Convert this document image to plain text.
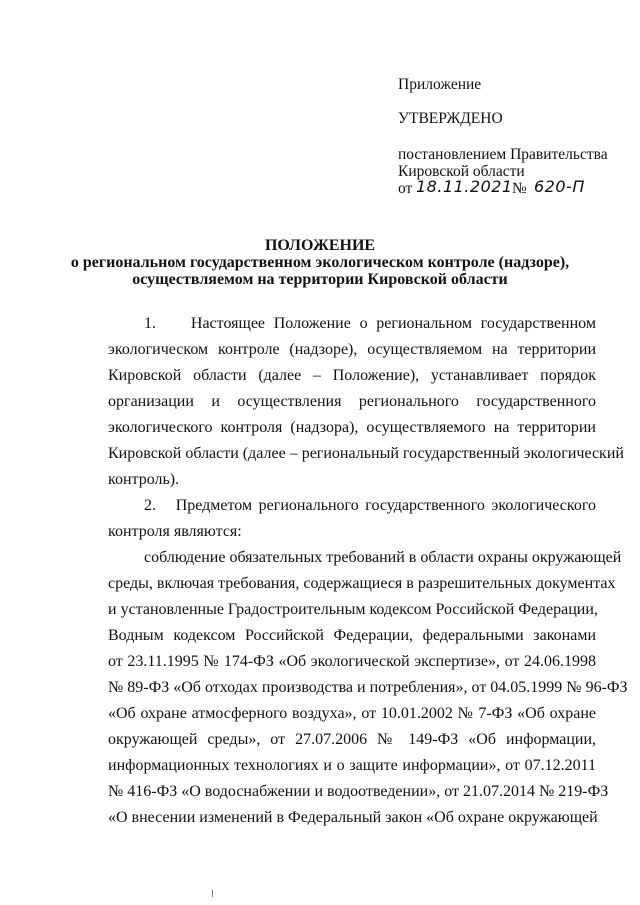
Приложение
УТВЕРЖДЕНО
постановлением Правительства
Кировской области
от 18.11.2021 № 620-П
ПОЛОЖЕНИЕ
о региональном государственном экологическом контроле (надзоре),
осуществляемом на территории Кировской области
1.    Настоящее Положение о региональном государственном
экологическом контроле (надзоре), осуществляемом на территории
Кировской области (далее – Положение), устанавливает порядок
организации и осуществления регионального государственного
экологического контроля (надзора), осуществляемого на территории
Кировской области (далее – региональный государственный экологический
контроль).
2.   Предметом регионального государственного экологического
контроля являются:
соблюдение обязательных требований в области охраны окружающей
среды, включая требования, содержащиеся в разрешительных документах
и установленные Градостроительным кодексом Российской Федерации,
Водным кодексом Российской Федерации, федеральными законами
от 23.11.1995 № 174-ФЗ «Об экологической экспертизе», от 24.06.1998
№ 89-ФЗ «Об отходах производства и потребления», от 04.05.1999 № 96-ФЗ
«Об охране атмосферного воздуха», от 10.01.2002 № 7-ФЗ «Об охране
окружающей среды», от 27.07.2006 № 149-ФЗ «Об информации,
информационных технологиях и о защите информации», от 07.12.2011
№ 416-ФЗ «О водоснабжении и водоотведении», от 21.07.2014 № 219-ФЗ
«О внесении изменений в Федеральный закон «Об охране окружающей
